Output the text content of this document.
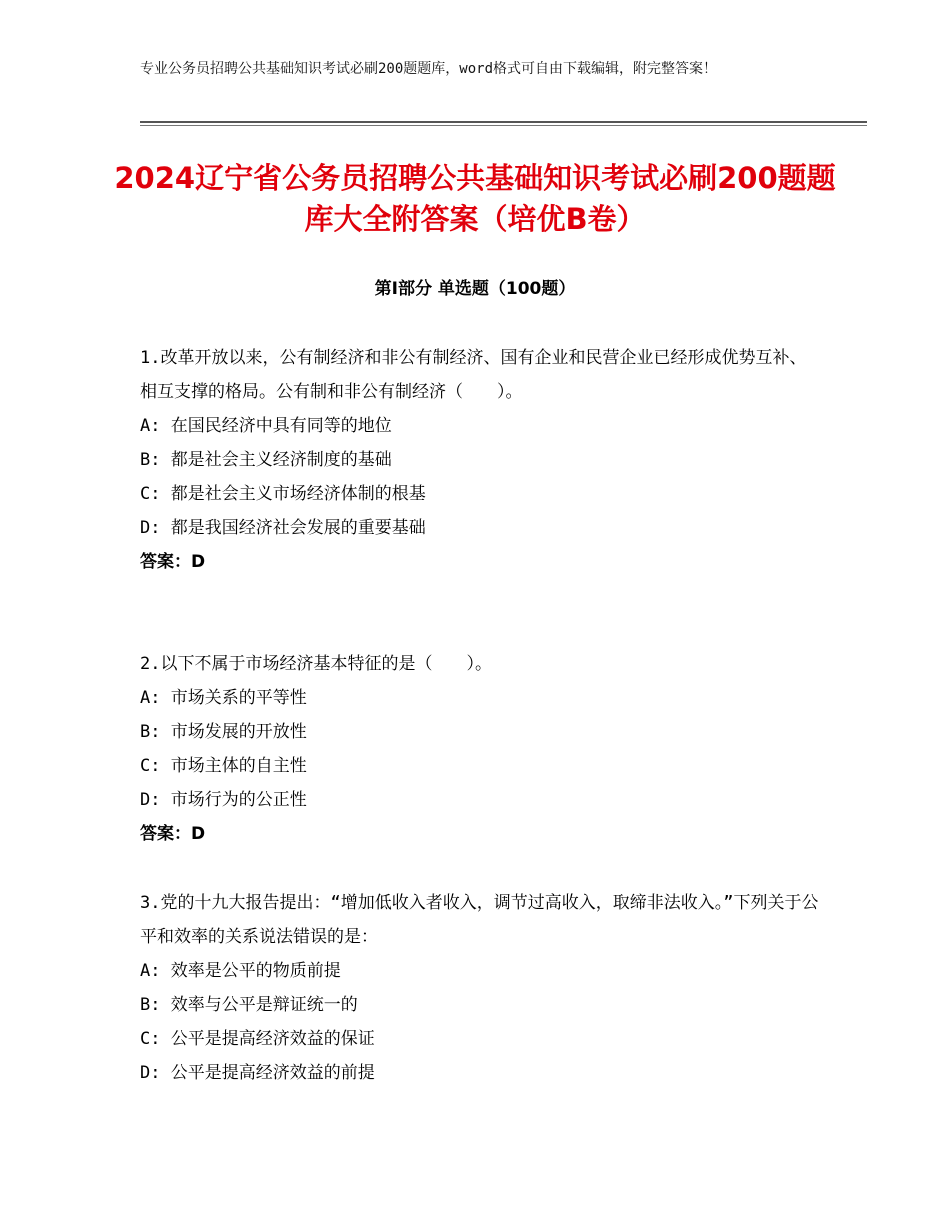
专业公务员招聘公共基础知识考试必刷200题题库，word格式可自由下载编辑，附完整答案！
2024辽宁省公务员招聘公共基础知识考试必刷200题题库大全附答案（培优B卷）
第Ⅰ部分 单选题（100题）

1.改革开放以来，公有制经济和非公有制经济、国有企业和民营企业已经形成优势互补、相互支撑的格局。公有制和非公有制经济（　　）。

A: 在国民经济中具有同等的地位

B: 都是社会主义经济制度的基础

C: 都是社会主义市场经济体制的根基

D: 都是我国经济社会发展的重要基础

答案：D

2.以下不属于市场经济基本特征的是（　　）。

A: 市场关系的平等性

B: 市场发展的开放性

C: 市场主体的自主性

D: 市场行为的公正性

答案：D

3.党的十九大报告提出：“增加低收入者收入，调节过高收入，取缔非法收入。”下列关于公平和效率的关系说法错误的是：

A: 效率是公平的物质前提

B: 效率与公平是辩证统一的

C: 公平是提高经济效益的保证

D: 公平是提高经济效益的前提
